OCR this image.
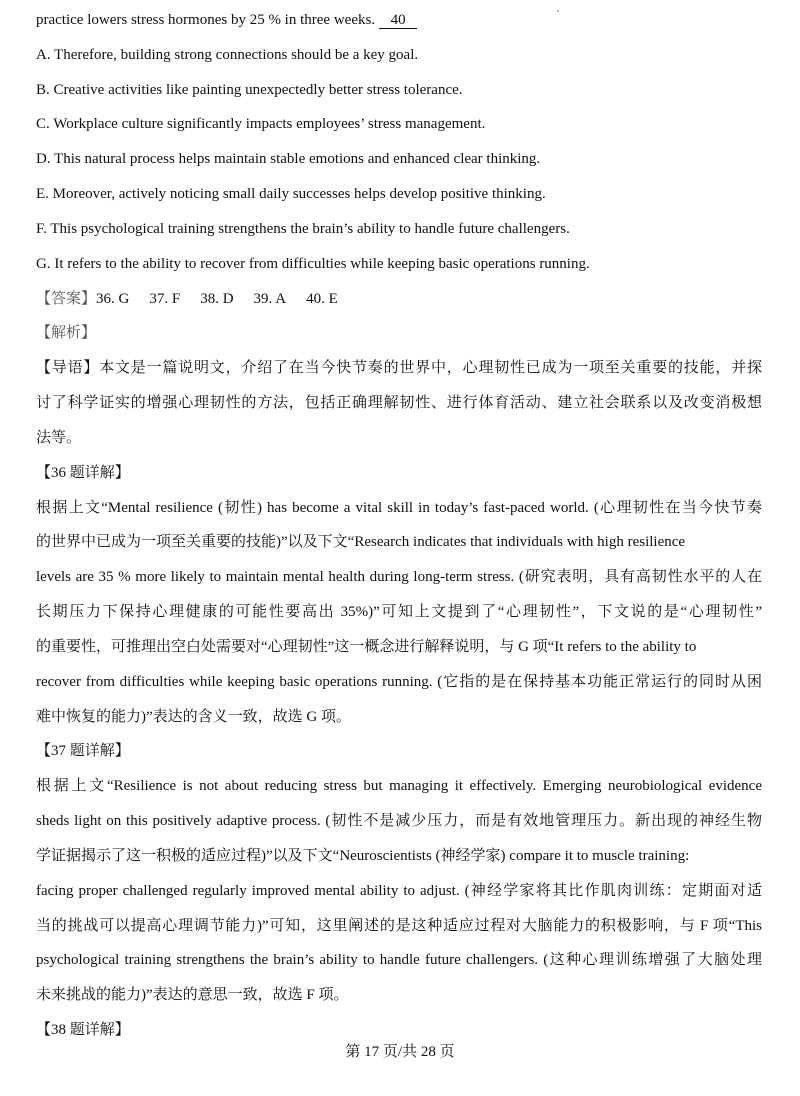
practice lowers stress hormones by 25 % in three weeks. 40
A. Therefore, building strong connections should be a key goal.
B. Creative activities like painting unexpectedly better stress tolerance.
C. Workplace culture significantly impacts employees’ stress management.
D. This natural process helps maintain stable emotions and enhanced clear thinking.
E. Moreover, actively noticing small daily successes helps develop positive thinking.
F. This psychological training strengthens the brain’s ability to handle future challengers.
G. It refers to the ability to recover from difficulties while keeping basic operations running.
【答案】36. G 37. F 38. D 39. A 40. E
【解析】
【导语】本文是一篇说明文，介绍了在当今快节奏的世界中，心理韧性已成为一项至关重要的技能，并探
讨了科学证实的增强心理韧性的方法，包括正确理解韧性、进行体育活动、建立社会联系以及改变消极想
法等。
【36 题详解】
根据上文“Mental resilience (韧性) has become a vital skill in today’s fast-paced world. (心理韧性在当今快节奏
的世界中已成为一项至关重要的技能)”以及下文“Research indicates that individuals with high resilience
levels are 35 % more likely to maintain mental health during long-term stress. (研究表明，具有高韧性水平的人在
长期压力下保持心理健康的可能性要高出 35%)”可知上文提到了“心理韧性”，下文说的是“心理韧性”
的重要性，可推理出空白处需要对“心理韧性”这一概念进行解释说明，与 G 项“It refers to the ability to
recover from difficulties while keeping basic operations running. (它指的是在保持基本功能正常运行的同时从困
难中恢复的能力)”表达的含义一致，故选 G 项。
【37 题详解】
根据上文“Resilience is not about reducing stress but managing it effectively. Emerging neurobiological evidence
sheds light on this positively adaptive process. (韧性不是减少压力，而是有效地管理压力。新出现的神经生物
学证据揭示了这一积极的适应过程)”以及下文“Neuroscientists (神经学家) compare it to muscle training:
facing proper challenged regularly improved mental ability to adjust. (神经学家将其比作肌肉训练：定期面对适
当的挑战可以提高心理调节能力)”可知，这里阐述的是这种适应过程对大脑能力的积极影响，与 F 项“This
psychological training strengthens the brain’s ability to handle future challengers. (这种心理训练增强了大脑处理
未来挑战的能力)”表达的意思一致，故选 F 项。
【38 题详解】
第 17 页/共 28 页
